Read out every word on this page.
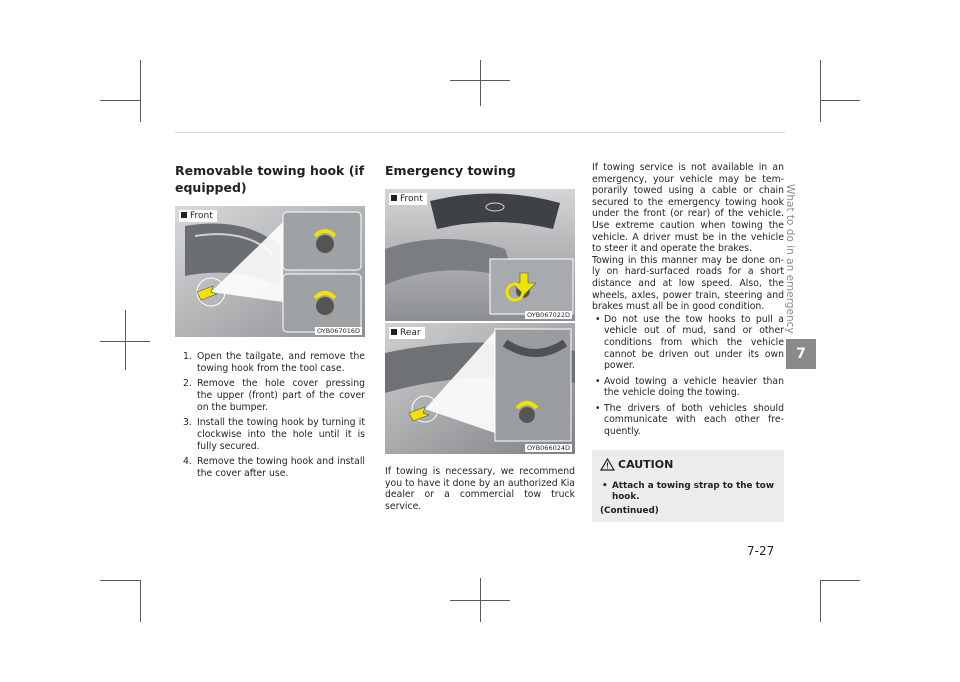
Removable towing hook (if equipped)
Front
OYB067016D
1. Open the tailgate, and remove the towing hook from the tool case.
2. Remove the hole cover pressing the upper (front) part of the cover on the bumper.
3. Install the towing hook by turning it clockwise into the hole until it is fully secured.
4. Remove the towing hook and install the cover after use.
Emergency towing
Front
OYB067022D
Rear
OYB066024D

If towing is necessary, we recommend you to have it done by an authorized Kia dealer or a commercial tow truck service.

If towing service is not available in an emergency, your vehicle may be tem-porarily towed using a cable or chain secured to the emergency towing hook under the front (or rear) of the vehicle. Use extreme caution when towing the vehicle. A driver must be in the vehicle to steer it and operate the brakes.

Towing in this manner may be done on-ly on hard-surfaced roads for a short distance and at low speed. Also, the wheels, axles, power train, steering and brakes must all be in good condition.

• Do not use the tow hooks to pull a vehicle out of mud, sand or other conditions from which the vehicle cannot be driven out under its own power.
• Avoid towing a vehicle heavier than the vehicle doing the towing.
• The drivers of both vehicles should communicate with each other fre-quently.
CAUTION
• Attach a towing strap to the tow hook.
(Continued)
What to do in an emergency
7
7-27
